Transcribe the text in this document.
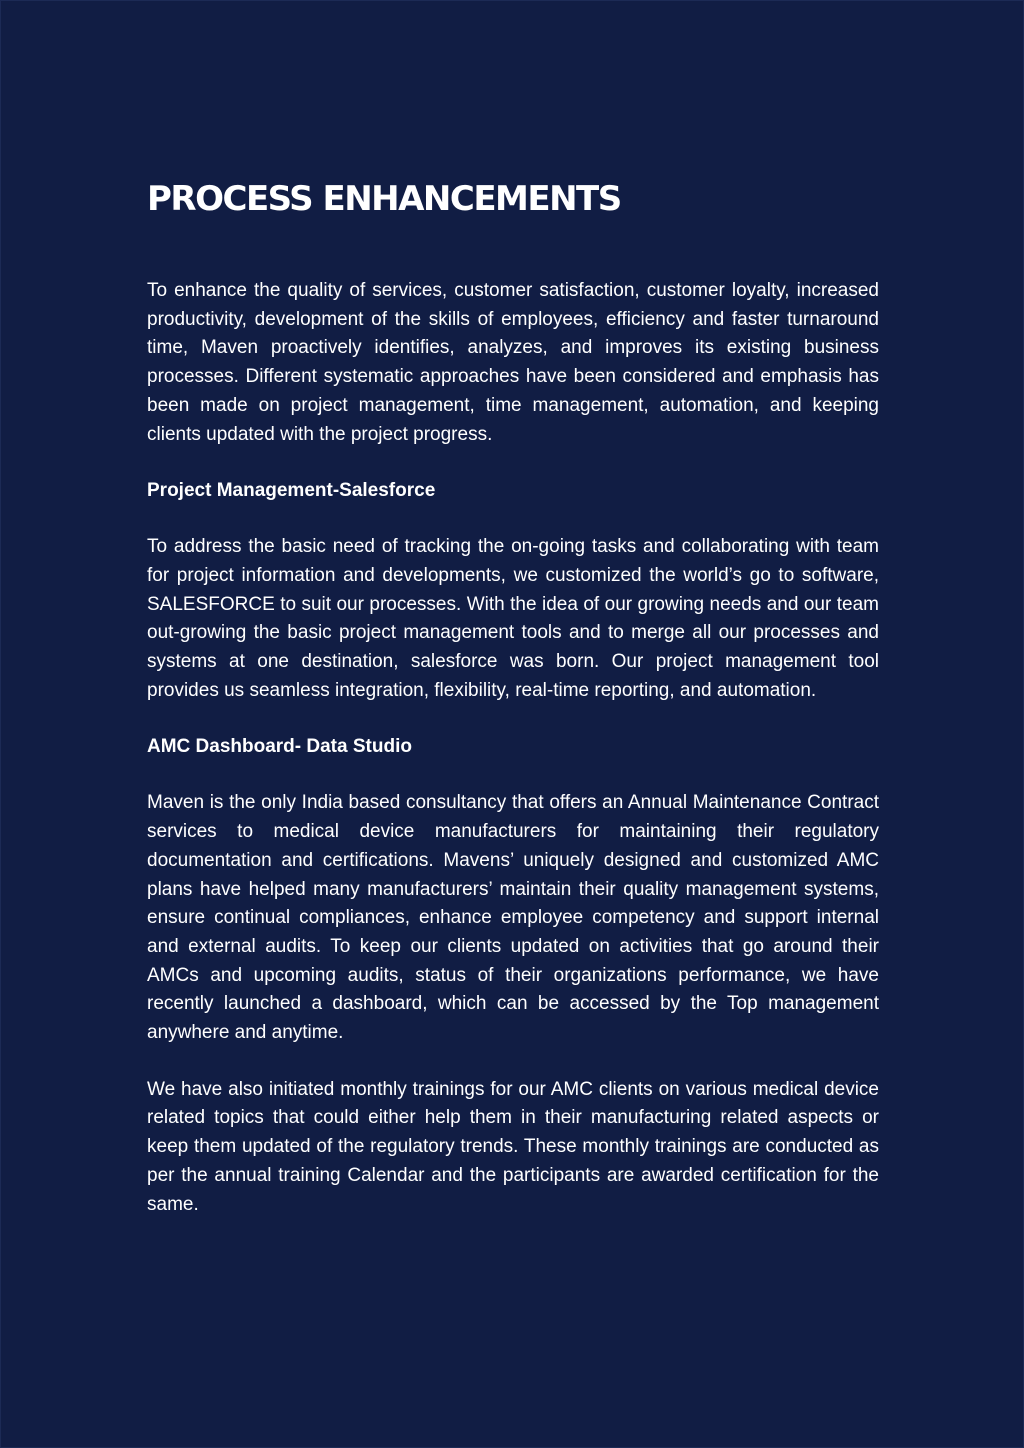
PROCESS ENHANCEMENTS

To enhance the quality of services, customer satisfaction, customer loyalty, increased productivity, development of the skills of employees, efficiency and faster turnaround time, Maven proactively identifies, analyzes, and improves its existing business processes. Different systematic approaches have been considered and emphasis has been made on project management, time management, automation, and keeping clients updated with the project progress.

Project Management-Salesforce

To address the basic need of tracking the on-going tasks and collaborating with team for project information and developments, we customized the world’s go to software, SALESFORCE to suit our processes. With the idea of our growing needs and our team out-growing the basic project management tools and to merge all our processes and systems at one destination, salesforce was born. Our project management tool provides us seamless integration, flexibility, real-time reporting, and automation.

AMC Dashboard- Data Studio

Maven is the only India based consultancy that offers an Annual Maintenance Contract services to medical device manufacturers for maintaining their regulatory documentation and certifications. Mavens’ uniquely designed and customized AMC plans have helped many manufacturers’ maintain their quality management systems, ensure continual compliances, enhance employee competency and support internal and external audits. To keep our clients updated on activities that go around their AMCs and upcoming audits, status of their organizations performance, we have recently launched a dashboard, which can be accessed by the Top management anywhere and anytime.

We have also initiated monthly trainings for our AMC clients on various medical device related topics that could either help them in their manufacturing related aspects or keep them updated of the regulatory trends. These monthly trainings are conducted as per the annual training Calendar and the participants are awarded certification for the same.
